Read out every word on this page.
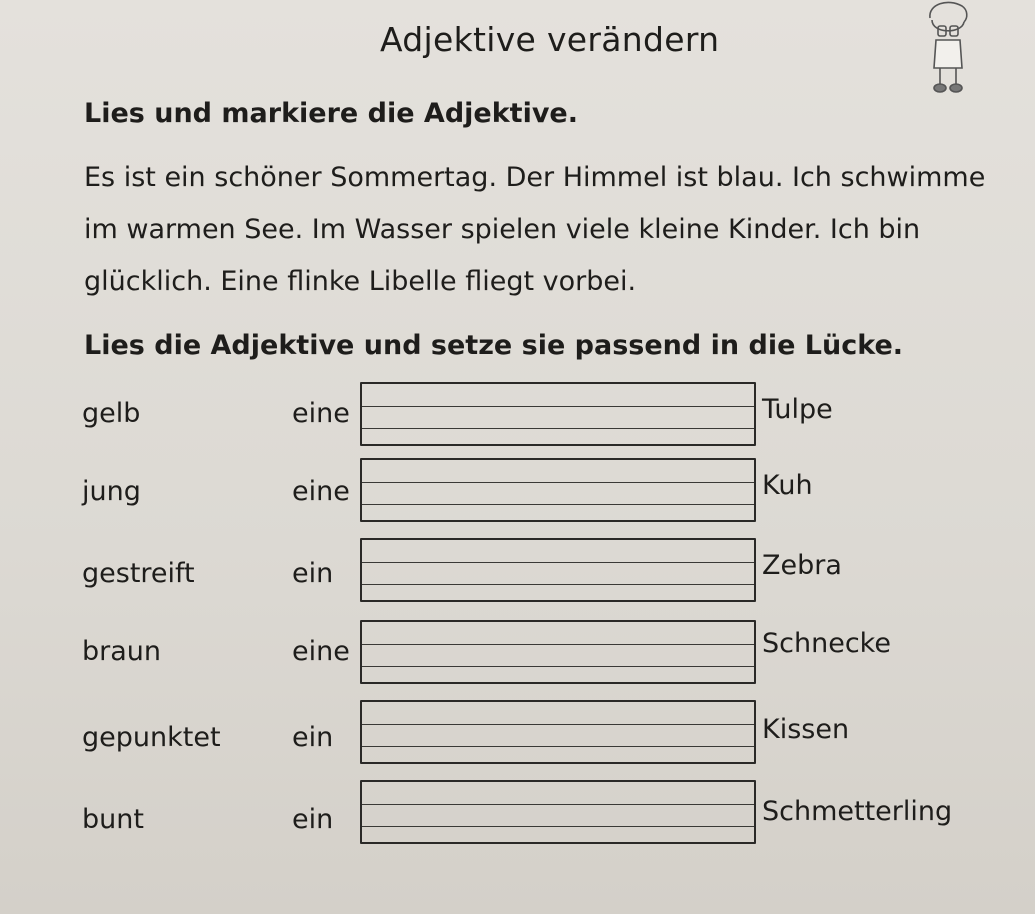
Adjektive verändern
Lies und markiere die Adjektive.
Es ist ein schöner Sommertag. Der Himmel ist blau. Ich schwimme
im warmen See. Im Wasser spielen viele kleine Kinder. Ich bin
glücklich. Eine flinke Libelle fliegt vorbei.
Lies die Adjektive und setze sie passend in die Lücke.
gelb	eine	Tulpe
jung	eine	Kuh
gestreift	ein	Zebra
braun	eine	Schnecke
gepunktet	ein	Kissen
bunt	ein	Schmetterling
